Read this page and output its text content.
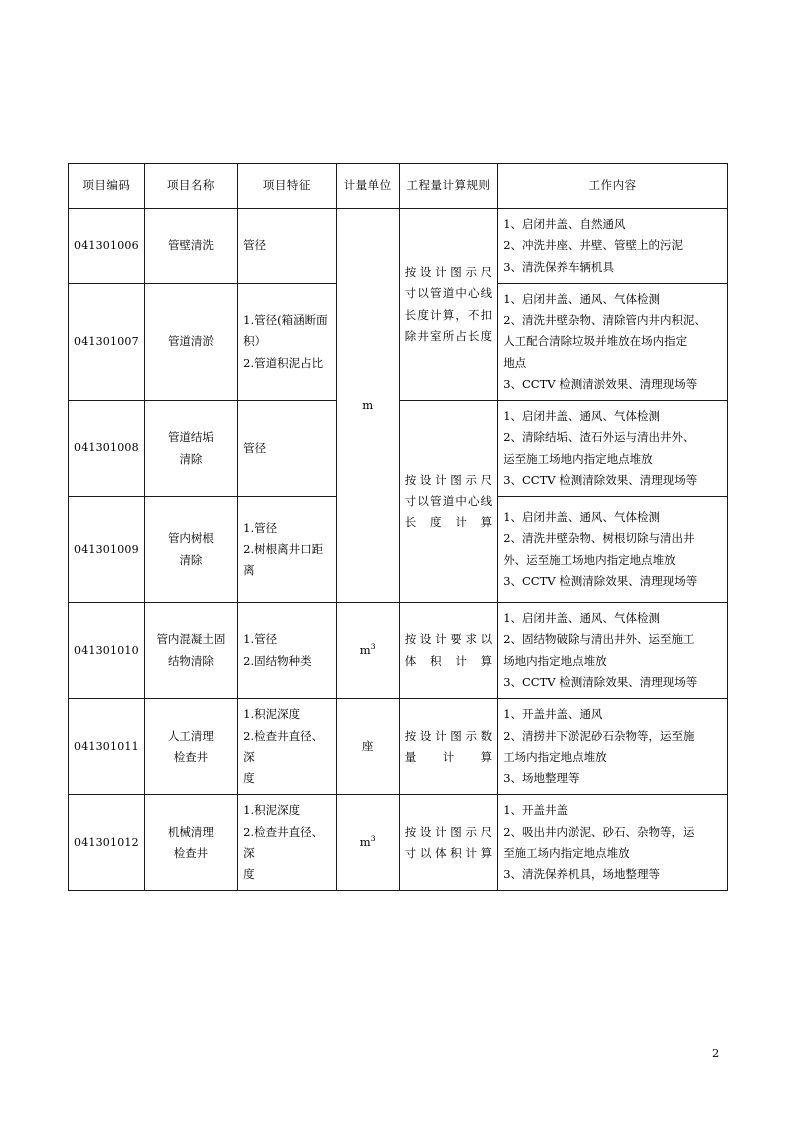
项目编码	项目名称	项目特征	计量单位	工程量计算规则	工作内容
041301006	管壁清洗	管径	m	按设计图示尺
寸以管道中心线
长度计算，不扣
除井室所占长度	1、启闭井盖、自然通风
2、冲洗井座、井壁、管壁上的污泥
3、清洗保养车辆机具

041301007	管道清淤	1.管径(箱涵断面
积）
2.管道积泥占比			1、启闭井盖、通风、气体检测
2、清洗井壁杂物、清除管内井内积泥、
人工配合清除垃圾并堆放在场内指定
地点
3、CCTV 检测清淤效果、清理现场等

041301008	管道结垢
清除	管径		按设计图示尺
寸以管道中心线
长度计算	1、启闭井盖、通风、气体检测
2、清除结垢、渣石外运与清出井外、
运至施工场地内指定地点堆放
3、CCTV 检测清除效果、清理现场等

041301009	管内树根
清除	1.管径
2.树根离井口距
离			1、启闭井盖、通风、气体检测
2、清洗井壁杂物、树根切除与清出井
外、运至施工场地内指定地点堆放
3、CCTV 检测清除效果、清理现场等

041301010	管内混凝土固
结物清除	1.管径
2.固结物种类	$m^3$	按设计要求以
体积计算	1、启闭井盖、通风、气体检测
2、固结物破除与清出井外、运至施工
场地内指定地点堆放
3、CCTV 检测清除效果、清理现场等

041301011	人工清理
检查井	1.积泥深度
2.检查井直径、深
度	座	按设计图示数
量计算	1、开盖井盖、通风
2、清捞井下淤泥砂石杂物等，运至施
工场内指定地点堆放
3、场地整理等

041301012	机械清理
检查井	1.积泥深度
2.检查井直径、深
度	$m^3$	按设计图示尺
寸以体积计算	1、开盖井盖
2、吸出井内淤泥、砂石、杂物等，运
至施工场内指定地点堆放
3、清洗保养机具，场地整理等
2
